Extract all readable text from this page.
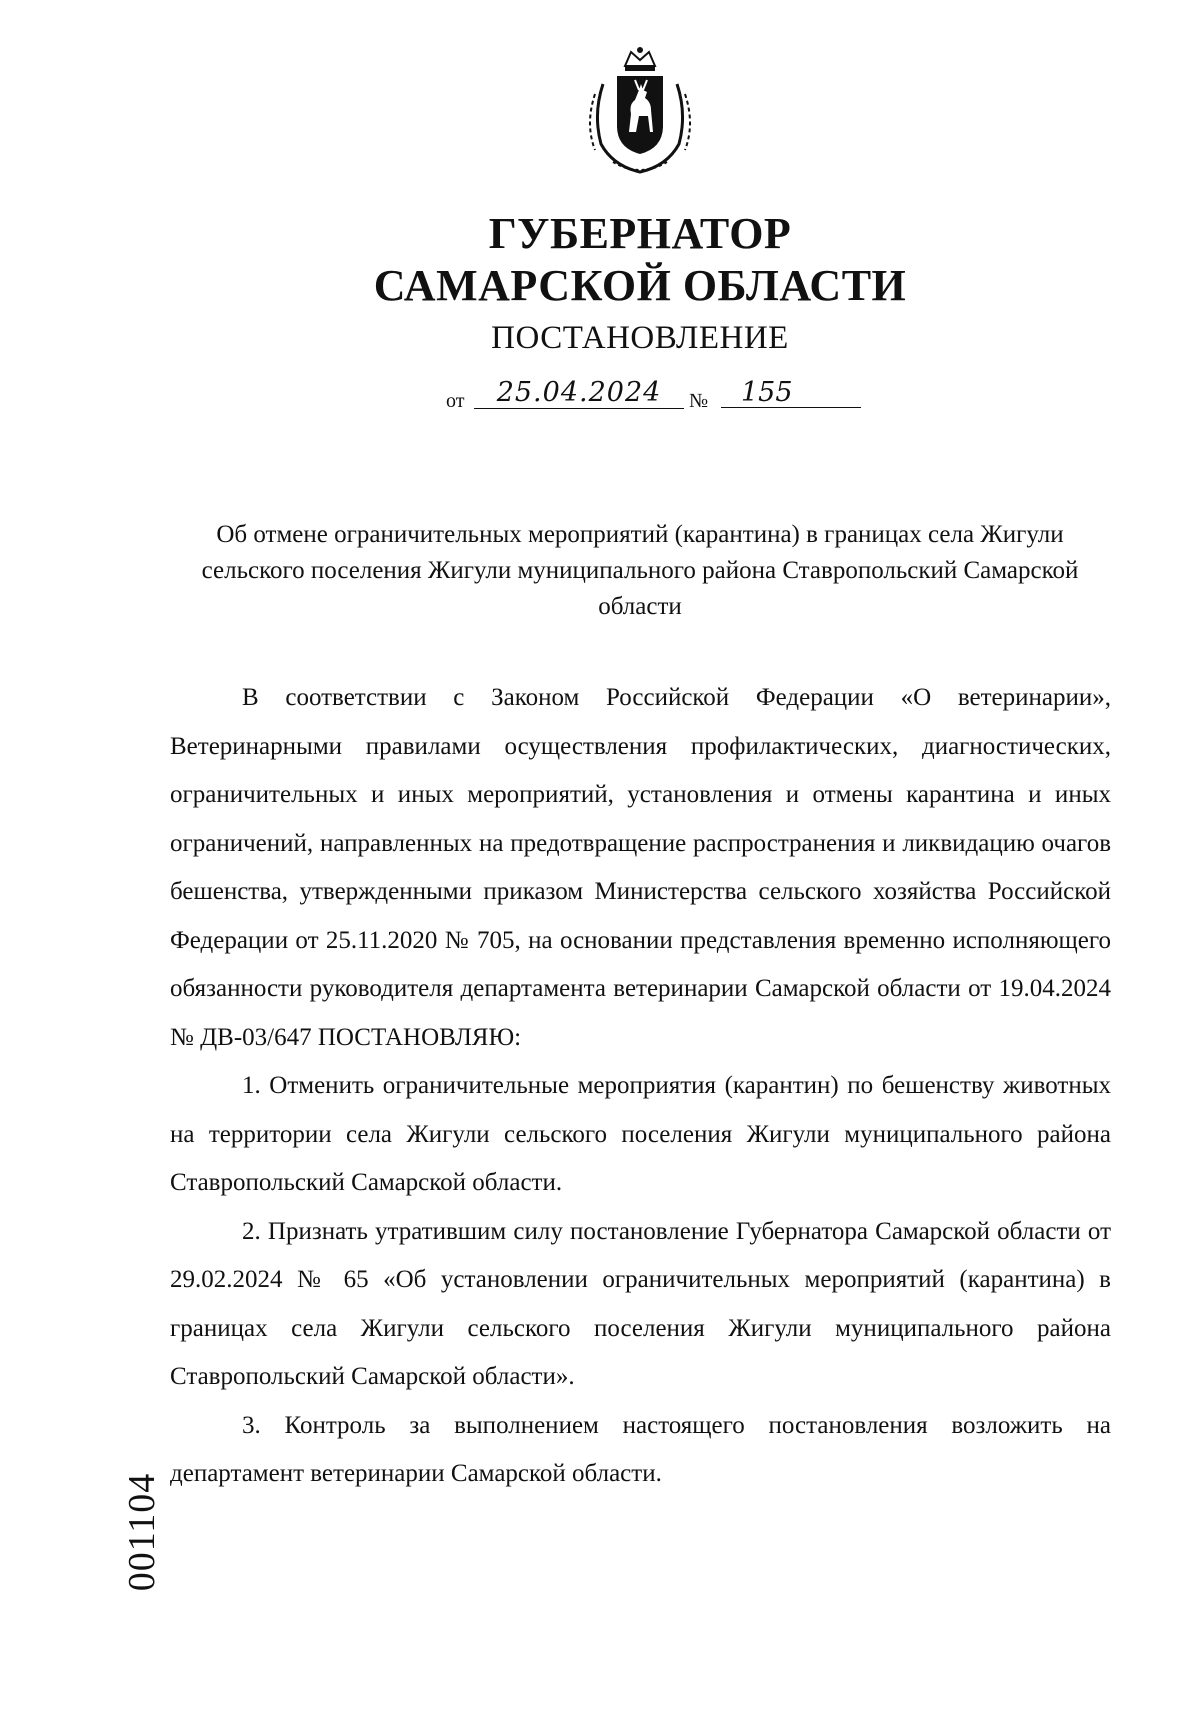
ГУБЕРНАТОР
САМАРСКОЙ ОБЛАСТИ
ПОСТАНОВЛЕНИЕ
от	25.04.2024	№	155
Об отмене ограничительных мероприятий (карантина) в границах села Жигули сельского поселения Жигули муниципального района Ставропольский Самарской области

В соответствии с Законом Российской Федерации «О ветеринарии», Ветеринарными правилами осуществления профилактических, диагностических, ограничительных и иных мероприятий, установления и отмены карантина и иных ограничений, направленных на предотвращение распространения и ликвидацию очагов бешенства, утвержденными приказом Министерства сельского хозяйства Российской Федерации от 25.11.2020 № 705, на основании представления временно исполняющего обязанности руководителя департамента ветеринарии Самарской области от 19.04.2024 № ДВ-03/647 ПОСТАНОВЛЯЮ:

1. Отменить ограничительные мероприятия (карантин) по бешенству животных на территории села Жигули сельского поселения Жигули муниципального района Ставропольский Самарской области.

2. Признать утратившим силу постановление Губернатора Самарской области от 29.02.2024 № 65 «Об установлении ограничительных мероприятий (карантина) в границах села Жигули сельского поселения Жигули муниципального района Ставропольский Самарской области».

3. Контроль за выполнением настоящего постановления возложить на департамент ветеринарии Самарской области.

001104
